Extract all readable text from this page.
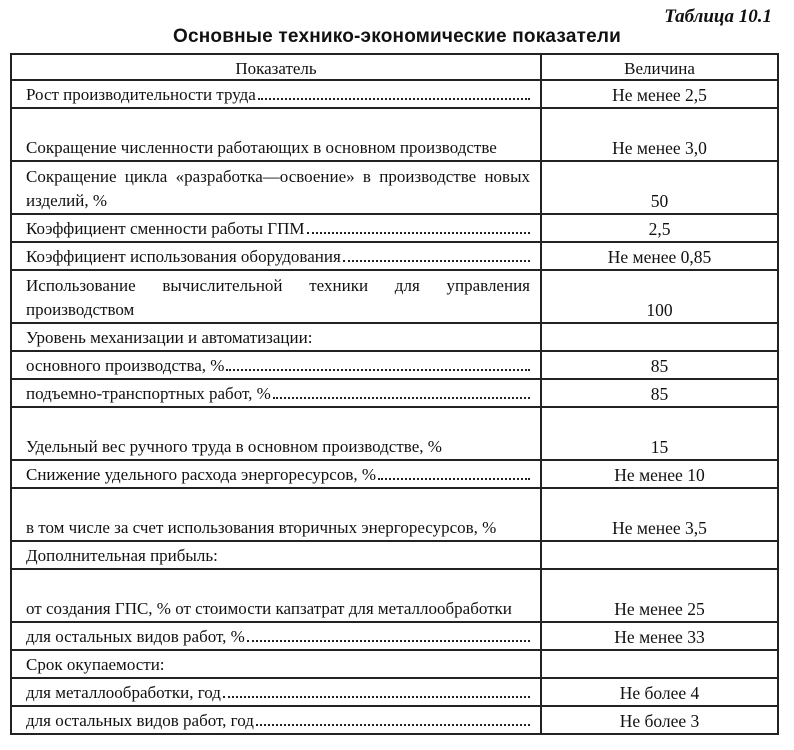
Таблица 10.1
Основные технико-экономические показатели
Показатель	Величина

Рост производительности труда	Не менее 2,5
Сокращение численности работающих в основном производстве	Не менее 3,0
Сокращение цикла «разработка—освоение» в производстве новых изделий, %	50

Коэффициент сменности работы ГПМ	2,5

Коэффициент использования оборудования	Не менее 0,85
Использование вычислительной техники для управления производством	100
Уровень механизации и автоматизации:	

основного производства, %	85

подъемно-транспортных работ, %	85
Удельный вес ручного труда в основном производстве, %	15

Снижение удельного расхода энергоресурсов, %	Не менее 10
в том числе за счет использования вторичных энергоресурсов, %	Не менее 3,5
Дополнительная прибыль:	
от создания ГПС, % от стоимости капзатрат для металлообработки	Не менее 25

для остальных видов работ, %	Не менее 33
Срок окупаемости:	

для металлообработки, год	Не более 4

для остальных видов работ, год	Не более 3
